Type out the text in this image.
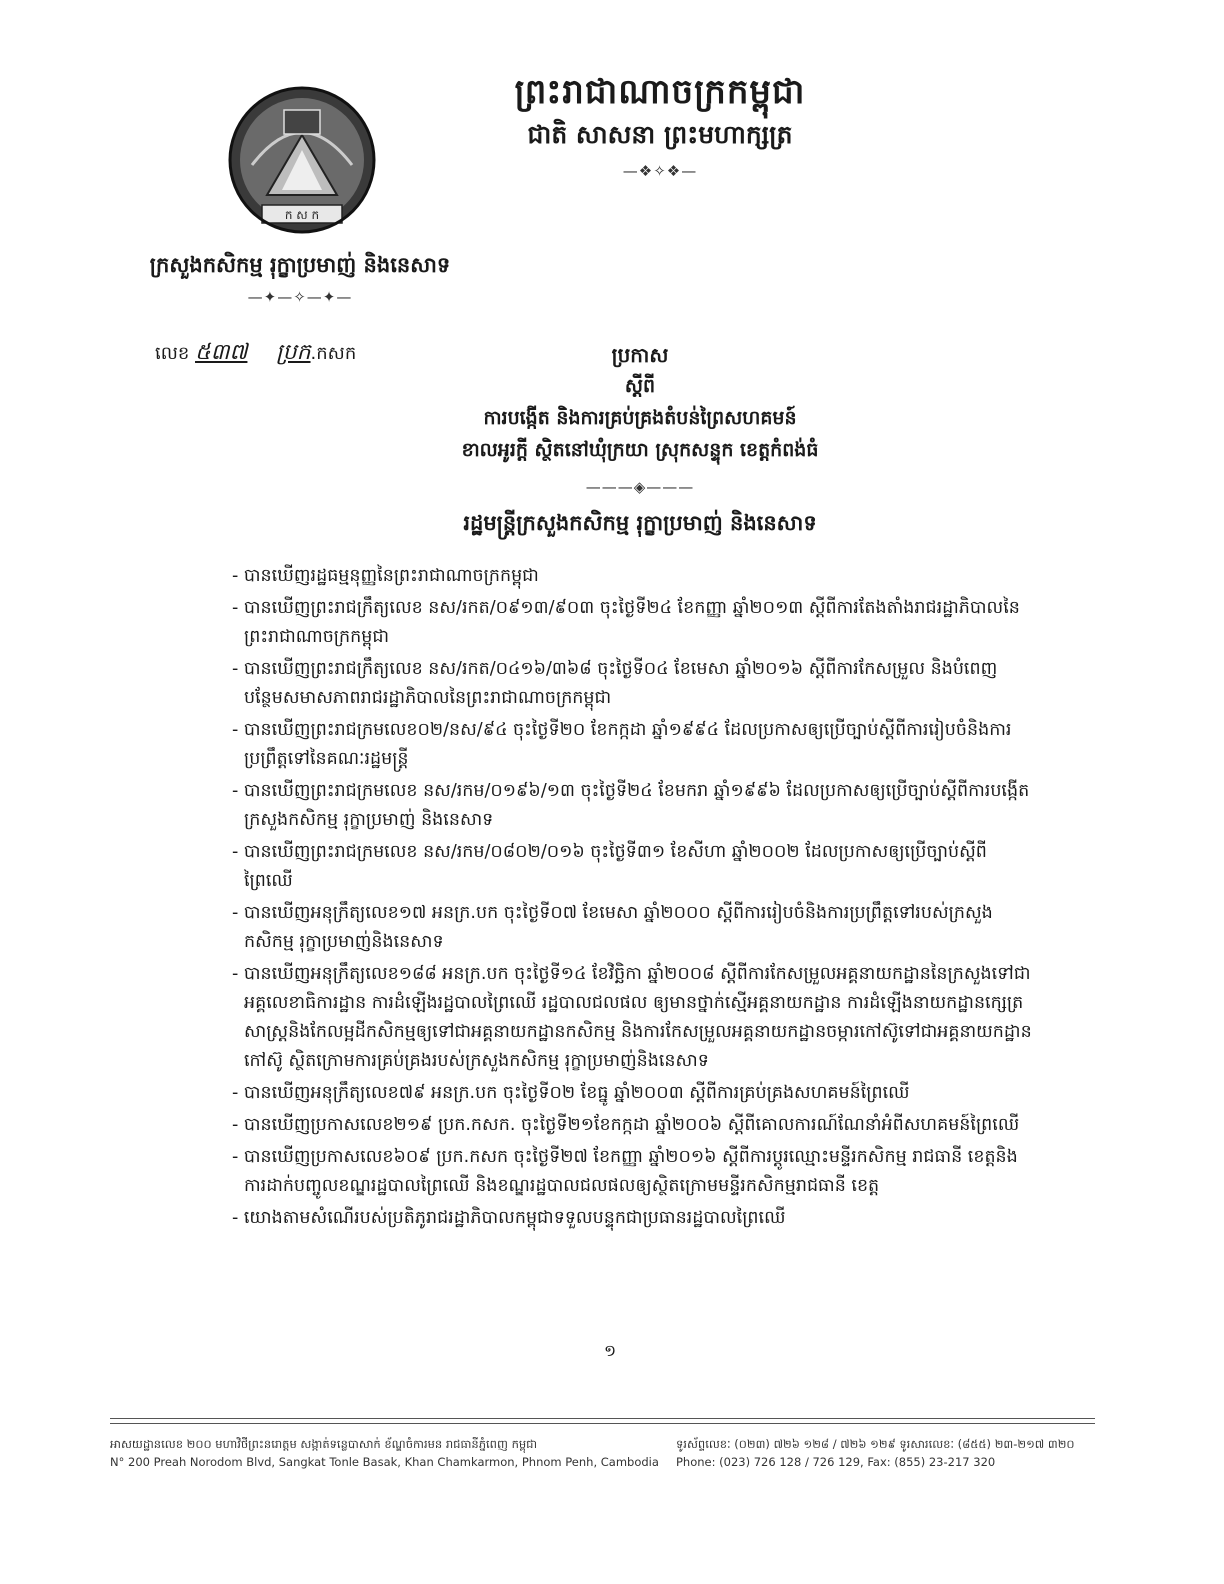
ព្រះរាជាណាចក្រកម្ពុជា
ជាតិ សាសនា ព្រះមហាក្សត្រ
—❖✧❖—
ក ស ក
ក្រសួងកសិកម្ម រុក្ខាប្រមាញ់ និងនេសាទ
—✦—✧—✦—
លេខ ៥៣៧ ប្រក.កសក	ប្រកាស
ស្តីពី
ការបង្កើត និងការគ្រប់គ្រងតំបន់ព្រៃសហគមន៍
ខាលអូរក្តី ស្ថិតនៅឃុំក្រយា ស្រុកសន្ទុក ខេត្តកំពង់ធំ
———◈———
រដ្ឋមន្ត្រីក្រសួងកសិកម្ម រុក្ខាប្រមាញ់ និងនេសាទ
- បានឃើញរដ្ឋធម្មនុញ្ញនៃព្រះរាជាណាចក្រកម្ពុជា
- បានឃើញព្រះរាជក្រឹត្យលេខ នស/រកត/០៩១៣/៩០៣ ចុះថ្ងៃទី២៤ ខែកញ្ញា ឆ្នាំ២០១៣ ស្តីពីការតែងតាំងរាជរដ្ឋាភិបាលនៃព្រះរាជាណាចក្រកម្ពុជា
- បានឃើញព្រះរាជក្រឹត្យលេខ នស/រកត/០៤១៦/៣៦៨ ចុះថ្ងៃទី០៤ ខែមេសា ឆ្នាំ២០១៦ ស្តីពីការកែសម្រួល និងបំពេញបន្ថែមសមាសភាពរាជរដ្ឋាភិបាលនៃព្រះរាជាណាចក្រកម្ពុជា
- បានឃើញព្រះរាជក្រមលេខ០២/នស/៩៤ ចុះថ្ងៃទី២០ ខែកក្កដា ឆ្នាំ១៩៩៤ ដែលប្រកាសឲ្យប្រើច្បាប់ស្តីពីការរៀបចំនិងការប្រព្រឹត្តទៅនៃគណៈរដ្ឋមន្ត្រី
- បានឃើញព្រះរាជក្រមលេខ នស/រកម/០១៩៦/១៣ ចុះថ្ងៃទី២៤ ខែមករា ឆ្នាំ១៩៩៦ ដែលប្រកាសឲ្យប្រើច្បាប់ស្តីពីការបង្កើតក្រសួងកសិកម្ម រុក្ខាប្រមាញ់ និងនេសាទ
- បានឃើញព្រះរាជក្រមលេខ នស/រកម/០៨០២/០១៦ ចុះថ្ងៃទី៣១ ខែសីហា ឆ្នាំ២០០២ ដែលប្រកាសឲ្យប្រើច្បាប់ស្តីពីព្រៃឈើ
- បានឃើញអនុក្រឹត្យលេខ១៧ អនក្រ.បក ចុះថ្ងៃទី០៧ ខែមេសា ឆ្នាំ២០០០ ស្តីពីការរៀបចំនិងការប្រព្រឹត្តទៅរបស់ក្រសួងកសិកម្ម រុក្ខាប្រមាញ់និងនេសាទ
- បានឃើញអនុក្រឹត្យលេខ១៨៨ អនក្រ.បក ចុះថ្ងៃទី១៤ ខែវិច្ឆិកា ឆ្នាំ២០០៨ ស្តីពីការកែសម្រួលអគ្គនាយកដ្ឋាននៃក្រសួងទៅជាអគ្គលេខាធិការដ្ឋាន ការដំឡើងរដ្ឋបាលព្រៃឈើ រដ្ឋបាលជលផល ឲ្យមានថ្នាក់ស្មើអគ្គនាយកដ្ឋាន ការដំឡើងនាយកដ្ឋានក្សេត្រសាស្ត្រនិងកែលម្អដីកសិកម្មឲ្យទៅជាអគ្គនាយកដ្ឋានកសិកម្ម និងការកែសម្រួលអគ្គនាយកដ្ឋានចម្ការកៅស៊ូទៅជាអគ្គនាយកដ្ឋានកៅស៊ូ ស្ថិតក្រោមការគ្រប់គ្រងរបស់ក្រសួងកសិកម្ម រុក្ខាប្រមាញ់និងនេសាទ
- បានឃើញអនុក្រឹត្យលេខ៧៩ អនក្រ.បក ចុះថ្ងៃទី០២ ខែធ្នូ ឆ្នាំ២០០៣ ស្តីពីការគ្រប់គ្រងសហគមន៍ព្រៃឈើ
- បានឃើញប្រកាសលេខ២១៩ ប្រក.កសក. ចុះថ្ងៃទី២១ខែកក្កដា ឆ្នាំ២០០៦ ស្តីពីគោលការណ៍ណែនាំអំពីសហគមន៍ព្រៃឈើ
- បានឃើញប្រកាសលេខ៦០៩ ប្រក.កសក ចុះថ្ងៃទី២៧ ខែកញ្ញា ឆ្នាំ២០១៦ ស្តីពីការប្តូរឈ្មោះមន្ទីរកសិកម្ម រាជធានី ខេត្តនិងការដាក់បញ្ចូលខណ្ឌរដ្ឋបាលព្រៃឈើ និងខណ្ឌរដ្ឋបាលជលផលឲ្យស្ថិតក្រោមមន្ទីរកសិកម្មរាជធានី ខេត្ត
- យោងតាមសំណើរបស់ប្រតិភូរាជរដ្ឋាភិបាលកម្ពុជាទទួលបន្ទុកជាប្រធានរដ្ឋបាលព្រៃឈើ
១
អាសយដ្ឋានលេខ ២០០ មហាវិថីព្រះនរោត្តម សង្កាត់ទន្លេបាសាក់ ខ័ណ្ឌចំការមន រាជធានីភ្នំពេញ កម្ពុជា
N° 200 Preah Norodom Blvd, Sangkat Tonle Basak, Khan Chamkarmon, Phnom Penh, Cambodia
ទូរស័ព្ទលេខៈ (០២៣) ៧២៦ ១២៨ / ៧២៦ ១២៩ ទូរសារលេខៈ (៨៥៥) ២៣-២១៧ ៣២០
Phone: (023) 726 128 / 726 129, Fax: (855) 23-217 320
